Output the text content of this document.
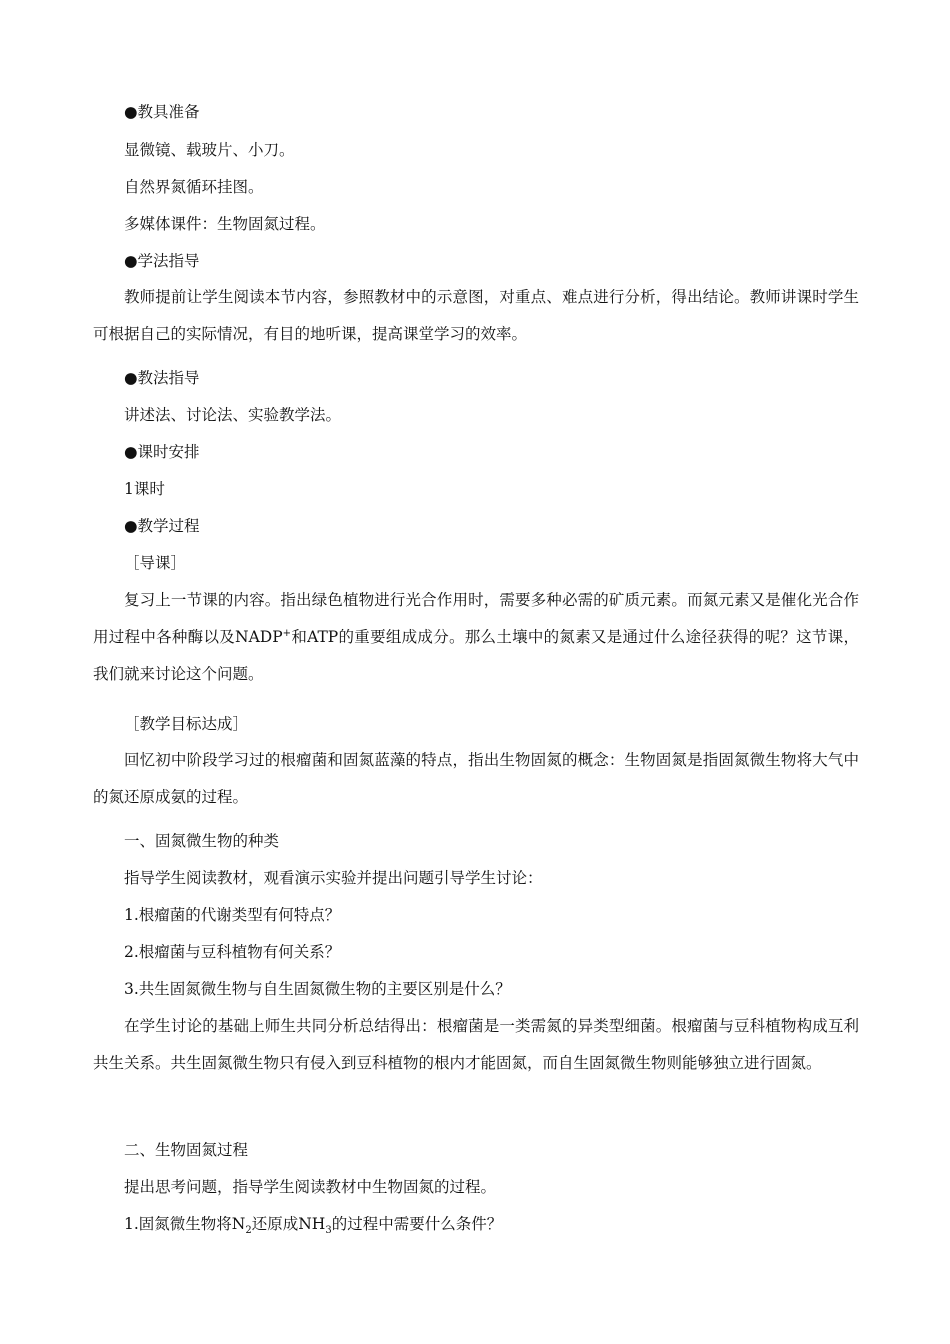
●教具准备
显微镜、载玻片、小刀。
自然界氮循环挂图。
多媒体课件：生物固氮过程。
●学法指导
教师提前让学生阅读本节内容，参照教材中的示意图，对重点、难点进行分析，得出结论。教师讲课时学生可根据自己的实际情况，有目的地听课，提高课堂学习的效率。
●教法指导
讲述法、讨论法、实验教学法。
●课时安排
1课时
●教学过程
［导课］
复习上一节课的内容。指出绿色植物进行光合作用时，需要多种必需的矿质元素。而氮元素又是催化光合作用过程中各种酶以及NADP+和ATP的重要组成成分。那么土壤中的氮素又是通过什么途径获得的呢？这节课，我们就来讨论这个问题。
［教学目标达成］
回忆初中阶段学习过的根瘤菌和固氮蓝藻的特点，指出生物固氮的概念：生物固氮是指固氮微生物将大气中的氮还原成氨的过程。
一、固氮微生物的种类
指导学生阅读教材，观看演示实验并提出问题引导学生讨论：
1.根瘤菌的代谢类型有何特点？
2.根瘤菌与豆科植物有何关系？
3.共生固氮微生物与自生固氮微生物的主要区别是什么？
在学生讨论的基础上师生共同分析总结得出：根瘤菌是一类需氮的异类型细菌。根瘤菌与豆科植物构成互利共生关系。共生固氮微生物只有侵入到豆科植物的根内才能固氮，而自生固氮微生物则能够独立进行固氮。
二、生物固氮过程
提出思考问题，指导学生阅读教材中生物固氮的过程。
1.固氮微生物将$N_2$还原成$NH_3$的过程中需要什么条件？
